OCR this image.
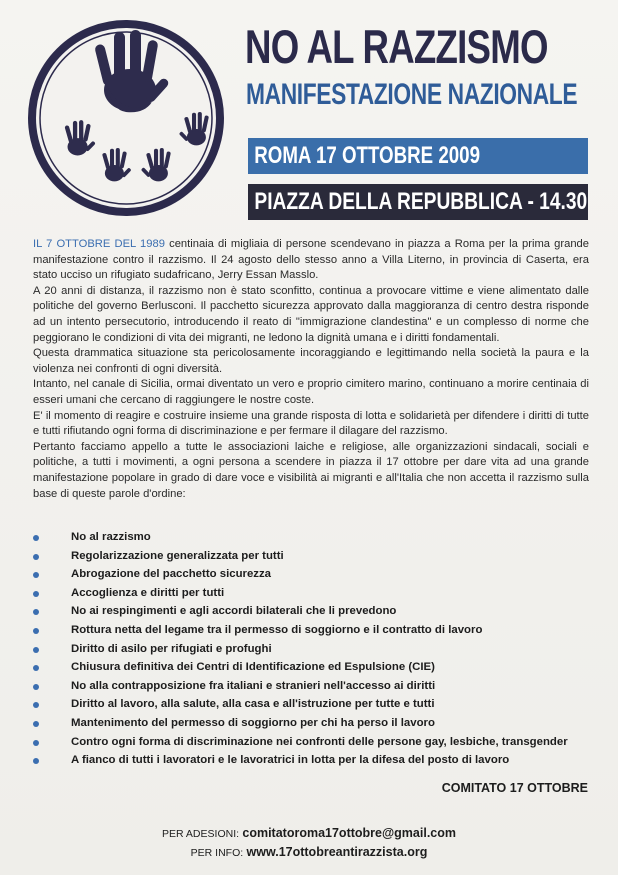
NO AL RAZZISMO
MANIFESTAZIONE NAZIONALE
ROMA 17 OTTOBRE 2009
PIAZZA DELLA REPUBBLICA - 14.30

IL 7 OTTOBRE DEL 1989 centinaia di migliaia di persone scendevano in piazza a Roma per la prima grande manifestazione contro il razzismo. Il 24 agosto dello stesso anno a Villa Literno, in provincia di Caserta, era stato ucciso un rifugiato sudafricano, Jerry Essan Masslo.

A 20 anni di distanza, il razzismo non è stato sconfitto, continua a provocare vittime e viene alimentato dalle politiche del governo Berlusconi. Il pacchetto sicurezza approvato dalla maggioranza di centro destra risponde ad un intento persecutorio, introducendo il reato di "immigrazione clandestina" e un complesso di norme che peggiorano le condizioni di vita dei migranti, ne ledono la dignità umana e i diritti fondamentali.

Questa drammatica situazione sta pericolosamente incoraggiando e legittimando nella società la paura e la violenza nei confronti di ogni diversità.

Intanto, nel canale di Sicilia, ormai diventato un vero e proprio cimitero marino, continuano a morire centinaia di esseri umani che cercano di raggiungere le nostre coste.

E' il momento di reagire e costruire insieme una grande risposta di lotta e solidarietà per difendere i diritti di tutte e tutti rifiutando ogni forma di discriminazione e per fermare il dilagare del razzismo.

Pertanto facciamo appello a tutte le associazioni laiche e religiose, alle organizzazioni sindacali, sociali e politiche, a tutti i movimenti, a ogni persona a scendere in piazza il 17 ottobre per dare vita ad una grande manifestazione popolare in grado di dare voce e visibilità ai migranti e all'Italia che non accetta il razzismo sulla base di queste parole d'ordine:

No al razzismo
Regolarizzazione generalizzata per tutti
Abrogazione del pacchetto sicurezza
Accoglienza e diritti per tutti
No ai respingimenti e agli accordi bilaterali che li prevedono
Rottura netta del legame tra il permesso di soggiorno e il contratto di lavoro
Diritto di asilo per rifugiati e profughi
Chiusura definitiva dei Centri di Identificazione ed Espulsione (CIE)
No alla contrapposizione fra italiani e stranieri nell'accesso ai diritti
Diritto al lavoro, alla salute, alla casa e all'istruzione per tutte e tutti
Mantenimento del permesso di soggiorno per chi ha perso il lavoro
Contro ogni forma di discriminazione nei confronti delle persone gay, lesbiche, transgender
A fianco di tutti i lavoratori e le lavoratrici in lotta per la difesa del posto di lavoro
COMITATO 17 OTTOBRE
PER ADESIONI: comitatoroma17ottobre@gmail.com
PER INFO: www.17ottobreantirazzista.org
